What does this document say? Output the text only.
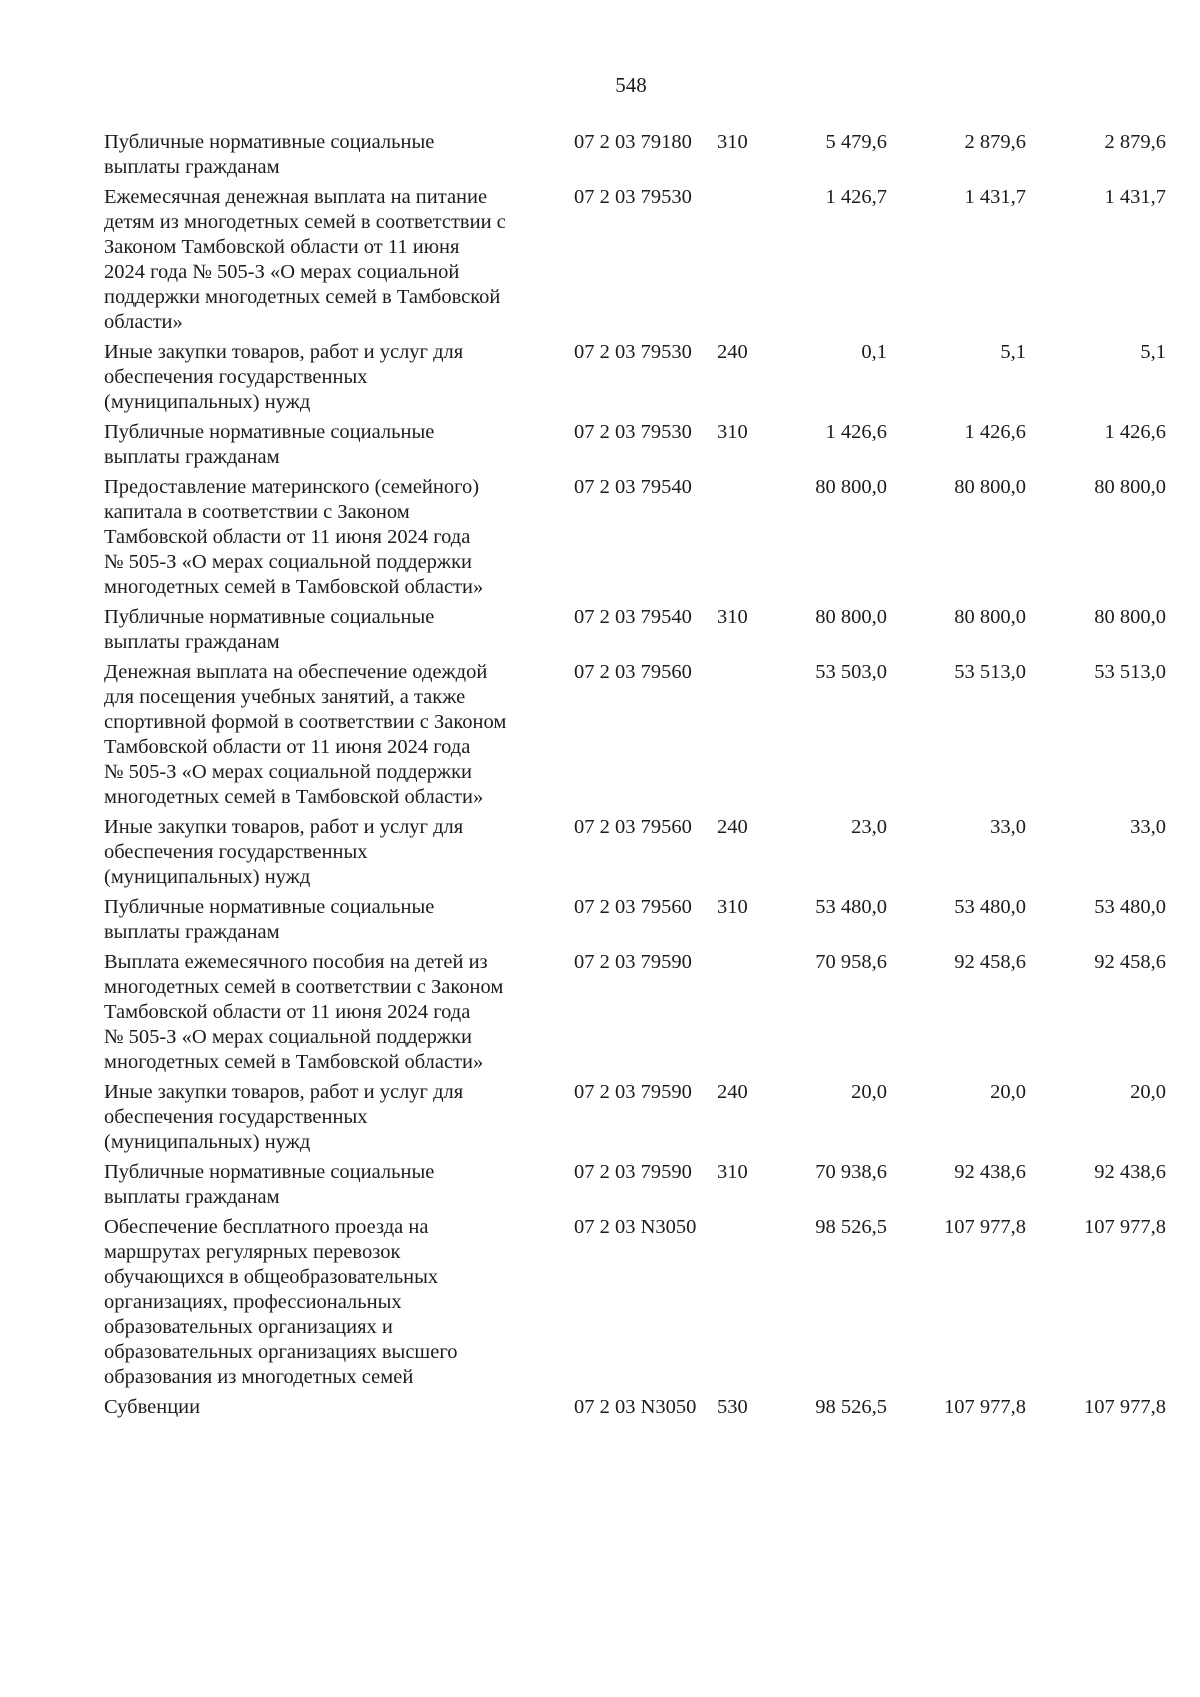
548
Публичные нормативные социальные
выплаты гражданам
07 2 03 79180	310	5 479,6	2 879,6	2 879,6
Ежемесячная денежная выплата на питание
детям из многодетных семей в соответствии с
Законом Тамбовской области от 11 июня
2024 года № 505-З «О мерах социальной
поддержки многодетных семей в Тамбовской
области»
07 2 03 79530	1 426,7	1 431,7	1 431,7
Иные закупки товаров, работ и услуг для
обеспечения государственных
(муниципальных) нужд
07 2 03 79530	240	0,1	5,1	5,1
Публичные нормативные социальные
выплаты гражданам
07 2 03 79530	310	1 426,6	1 426,6	1 426,6
Предоставление материнского (семейного)
капитала в соответствии с Законом
Тамбовской области от 11 июня 2024 года
№ 505-З «О мерах социальной поддержки
многодетных семей в Тамбовской области»
07 2 03 79540	80 800,0	80 800,0	80 800,0
Публичные нормативные социальные
выплаты гражданам
07 2 03 79540	310	80 800,0	80 800,0	80 800,0
Денежная выплата на обеспечение одеждой
для посещения учебных занятий, а также
спортивной формой в соответствии с Законом
Тамбовской области от 11 июня 2024 года
№ 505-З «О мерах социальной поддержки
многодетных семей в Тамбовской области»
07 2 03 79560	53 503,0	53 513,0	53 513,0
Иные закупки товаров, работ и услуг для
обеспечения государственных
(муниципальных) нужд
07 2 03 79560	240	23,0	33,0	33,0
Публичные нормативные социальные
выплаты гражданам
07 2 03 79560	310	53 480,0	53 480,0	53 480,0
Выплата ежемесячного пособия на детей из
многодетных семей в соответствии с Законом
Тамбовской области от 11 июня 2024 года
№ 505-З «О мерах социальной поддержки
многодетных семей в Тамбовской области»
07 2 03 79590	70 958,6	92 458,6	92 458,6
Иные закупки товаров, работ и услуг для
обеспечения государственных
(муниципальных) нужд
07 2 03 79590	240	20,0	20,0	20,0
Публичные нормативные социальные
выплаты гражданам
07 2 03 79590	310	70 938,6	92 438,6	92 438,6
Обеспечение бесплатного проезда на
маршрутах регулярных перевозок
обучающихся в общеобразовательных
организациях, профессиональных
образовательных организациях и
образовательных организациях высшего
образования из многодетных семей
07 2 03 N3050	98 526,5	107 977,8	107 977,8
Субвенции	07 2 03 N3050	530	98 526,5	107 977,8	107 977,8
